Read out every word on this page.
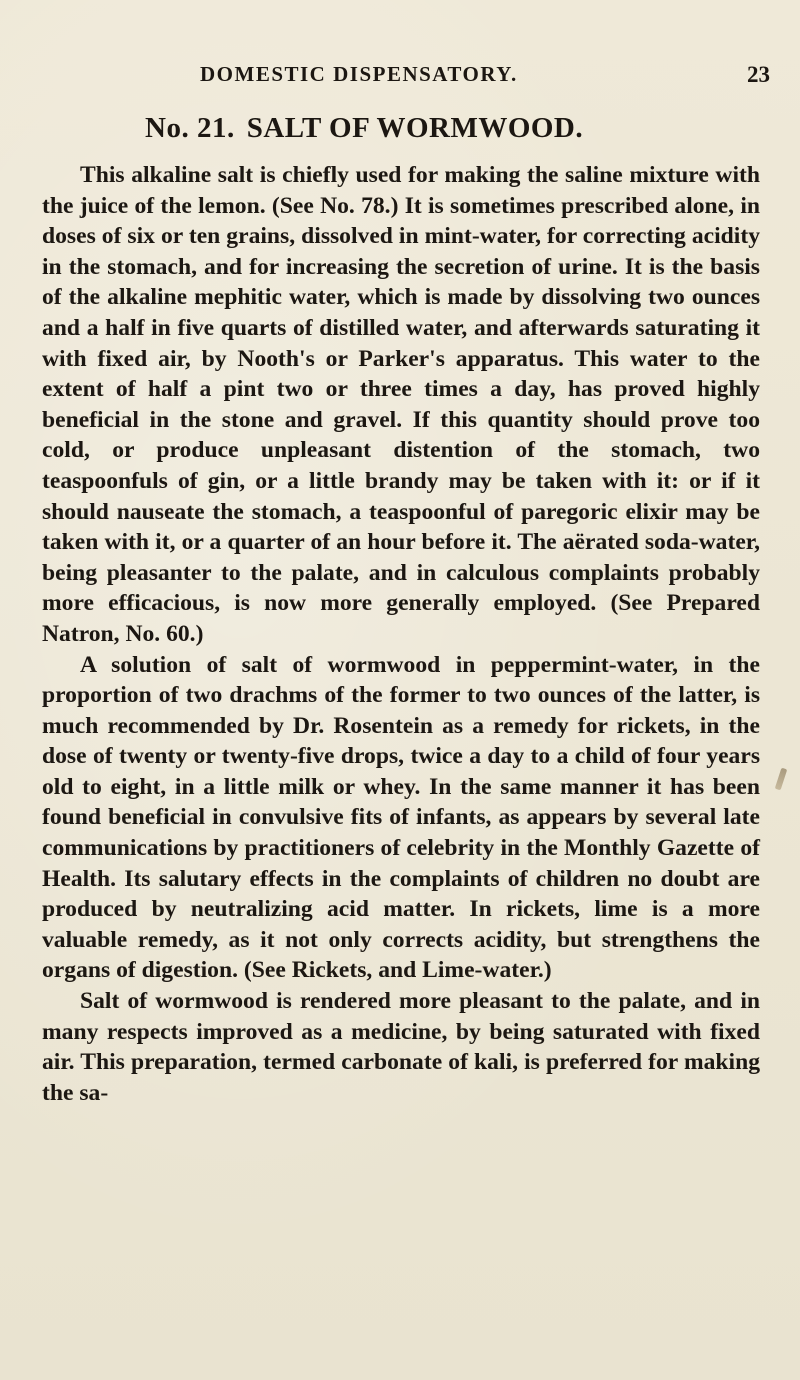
DOMESTIC DISPENSATORY.	23
No. 21. SALT OF WORMWOOD.

This alkaline salt is chiefly used for making the saline mixture with the juice of the lemon. (See No. 78.) It is sometimes prescribed alone, in doses of six or ten grains, dissolved in mint-water, for correcting acidity in the stomach, and for increasing the secretion of urine. It is the basis of the alkaline mephitic water, which is made by dissolving two ounces and a half in five quarts of distilled water, and afterwards saturating it with fixed air, by Nooth's or Parker's apparatus. This water to the extent of half a pint two or three times a day, has proved highly beneficial in the stone and gravel. If this quantity should prove too cold, or produce unpleasant distention of the stomach, two teaspoonfuls of gin, or a little brandy may be taken with it: or if it should nauseate the stomach, a teaspoonful of paregoric elixir may be taken with it, or a quarter of an hour before it. The aërated soda-water, being pleasanter to the palate, and in calculous complaints probably more efficacious, is now more generally employed. (See Prepared Natron, No. 60.)

A solution of salt of wormwood in peppermint-water, in the proportion of two drachms of the former to two ounces of the latter, is much recommended by Dr. Rosentein as a remedy for rickets, in the dose of twenty or twenty-five drops, twice a day to a child of four years old to eight, in a little milk or whey. In the same manner it has been found beneficial in convulsive fits of infants, as appears by several late communications by practitioners of celebrity in the Monthly Gazette of Health. Its salutary effects in the complaints of children no doubt are produced by neutralizing acid matter. In rickets, lime is a more valuable remedy, as it not only corrects acidity, but strengthens the organs of digestion. (See Rickets, and Lime-water.)

Salt of wormwood is rendered more pleasant to the palate, and in many respects improved as a medicine, by being saturated with fixed air. This preparation, termed carbonate of kali, is preferred for making the sa-
